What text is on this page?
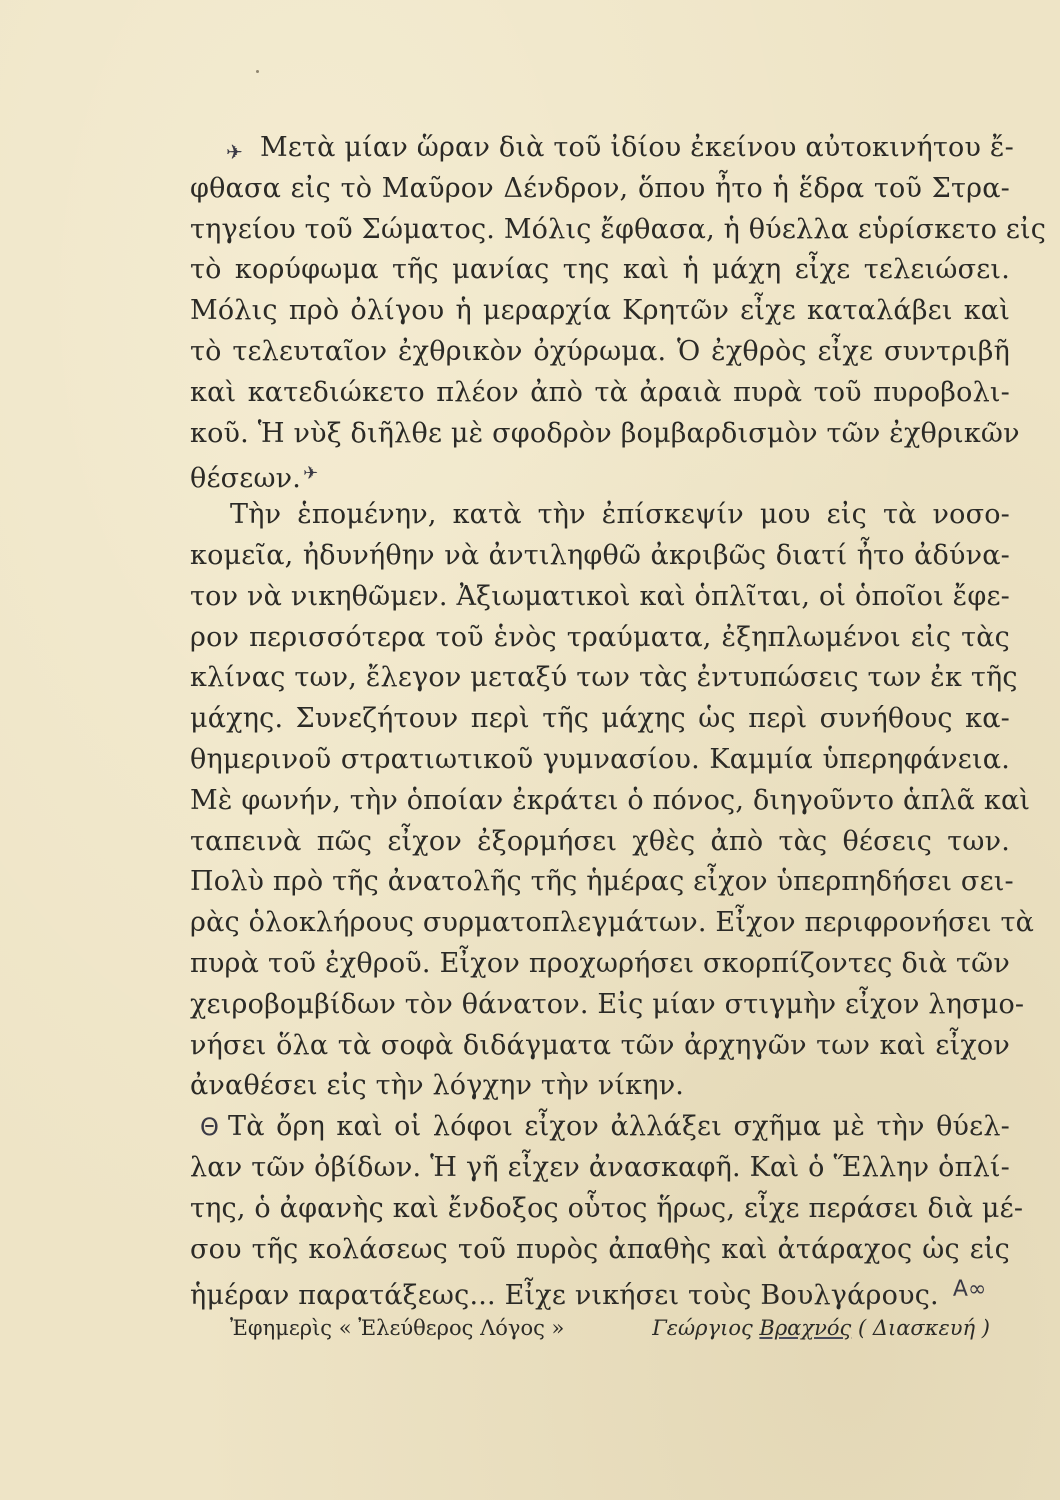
✈ Μετὰ μίαν ὥραν διὰ τοῦ ἰδίου ἐκείνου αὐτοκινήτου ἔ-
φθασα εἰς τὸ Μαῦρον Δένδρον, ὅπου ἦτο ἡ ἕδρα τοῦ Στρα-
τηγείου τοῦ Σώματος. Μόλις ἔφθασα, ἡ θύελλα εὑρίσκετο εἰς
τὸ κορύφωμα τῆς μανίας της καὶ ἡ μάχη εἶχε τελειώσει.
Μόλις πρὸ ὀλίγου ἡ μεραρχία Κρητῶν εἶχε καταλάβει καὶ
τὸ τελευταῖον ἐχθρικὸν ὀχύρωμα. Ὁ ἐχθρὸς εἶχε συντριβῆ
καὶ κατεδιώκετο πλέον ἀπὸ τὰ ἀραιὰ πυρὰ τοῦ πυροβολι-
κοῦ. Ἡ νὺξ διῆλθε μὲ σφοδρὸν βομβαρδισμὸν τῶν ἐχθρικῶν
θέσεων. ✈
Τὴν ἑπομένην, κατὰ τὴν ἐπίσκεψίν μου εἰς τὰ νοσο-
κομεῖα, ἠδυνήθην νὰ ἀντιληφθῶ ἀκριβῶς διατί ἦτο ἀδύνα-
τον νὰ νικηθῶμεν. Ἀξιωματικοὶ καὶ ὁπλῖται, οἱ ὁποῖοι ἔφε-
ρον περισσότερα τοῦ ἑνὸς τραύματα, ἐξηπλωμένοι εἰς τὰς
κλίνας των, ἔλεγον μεταξύ των τὰς ἐντυπώσεις των ἐκ τῆς
μάχης. Συνεζήτουν περὶ τῆς μάχης ὡς περὶ συνήθους κα-
θημερινοῦ στρατιωτικοῦ γυμνασίου. Καμμία ὑπερηφάνεια.
Μὲ φωνήν, τὴν ὁποίαν ἐκράτει ὁ πόνος, διηγοῦντο ἁπλᾶ καὶ
ταπεινὰ πῶς εἶχον ἐξορμήσει χθὲς ἀπὸ τὰς θέσεις των.
Πολὺ πρὸ τῆς ἀνατολῆς τῆς ἡμέρας εἶχον ὑπερπηδήσει σει-
ρὰς ὁλοκλήρους συρματοπλεγμάτων. Εἶχον περιφρονήσει τὰ
πυρὰ τοῦ ἐχθροῦ. Εἶχον προχωρήσει σκορπίζοντες διὰ τῶν
χειροβομβίδων τὸν θάνατον. Εἰς μίαν στιγμὴν εἶχον λησμο-
νήσει ὅλα τὰ σοφὰ διδάγματα τῶν ἀρχηγῶν των καὶ εἶχον
ἀναθέσει εἰς τὴν λόγχην τὴν νίκην.
Θ Τὰ ὄρη καὶ οἱ λόφοι εἶχον ἀλλάξει σχῆμα μὲ τὴν θύελ-
λαν τῶν ὀβίδων. Ἡ γῆ εἶχεν ἀνασκαφῆ. Καὶ ὁ Ἕλλην ὁπλί-
της, ὁ ἀφανὴς καὶ ἔνδοξος οὗτος ἥρως, εἶχε περάσει διὰ μέ-
σου τῆς κολάσεως τοῦ πυρὸς ἀπαθὴς καὶ ἀτάραχος ὡς εἰς
ἡμέραν παρατάξεως... Εἶχε νικήσει τοὺς Βουλγάρους. Α∞
Ἐφημερὶς « Ἐλεύθερος Λόγος »	Γεώργιος Βραχνός ( Διασκευή )
